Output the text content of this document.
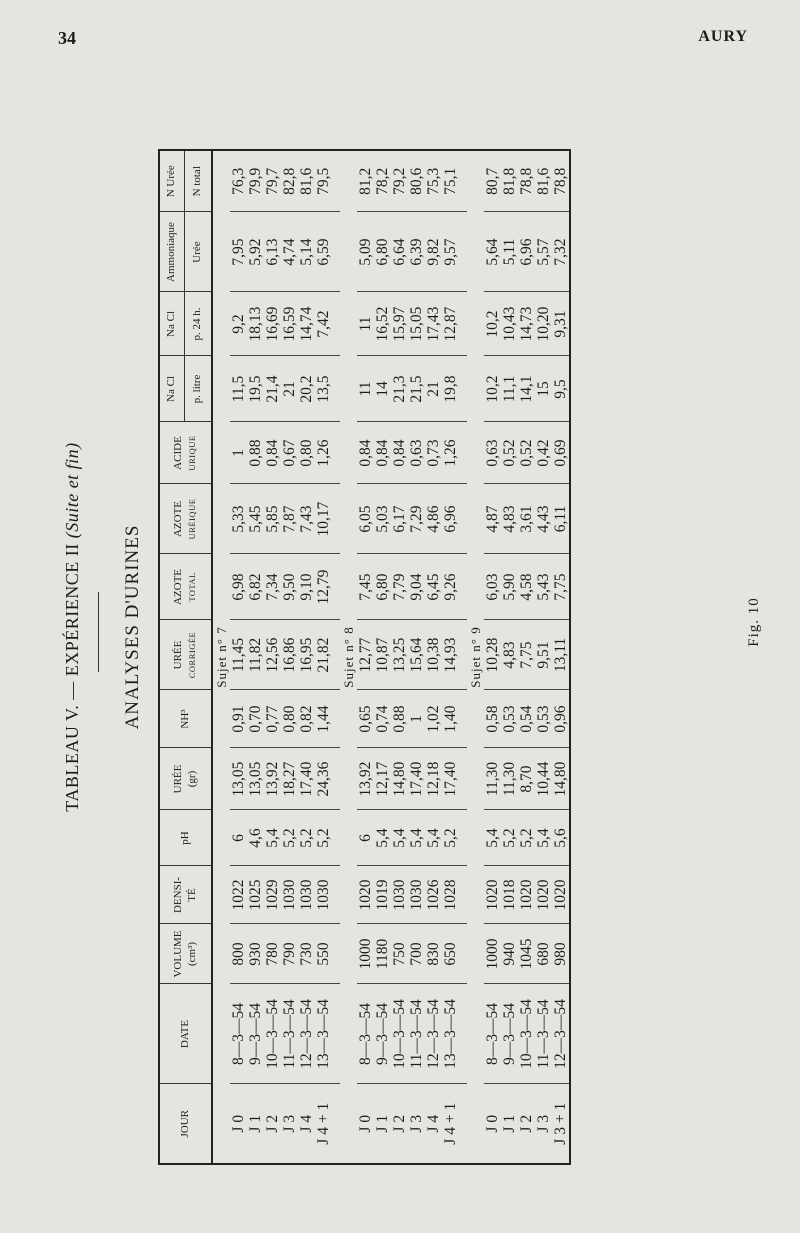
34	AURY
TABLEAU V. — EXPÉRIENCE II (Suite et fin)
ANALYSES D'URINES
JOUR	DATE	VOLUME (cm³)	DENSI- TÉ	pH	URÉE (gr)	NH³	URÉE CORRIGÉE	AZOTE TOTAL	AZOTE URÉIQUE	ACIDE URIQUE	Na Cl	Na Cl	Ammoniaque	N Urée
											p. litre	p. 24 h.	Urée	N total
Sujet n° 7														
J 0	8—3—54	800	1022	6	13,05	0,91	11,45	6,98	5,33	1	11,5	9,2	7,95	76,3
J 1	9—3—54	930	1025	4,6	13,05	0,70	11,82	6,82	5,45	0,88	19,5	18,13	5,92	79,9
J 2	10—3—54	780	1029	5,4	13,92	0,77	12,56	7,34	5,85	0,84	21,4	16,69	6,13	79,7
J 3	11—3—54	790	1030	5,2	18,27	0,80	16,86	9,50	7,87	0,67	21	16,59	4,74	82,8
J 4	12—3—54	730	1030	5,2	17,40	0,82	16,95	9,10	7,43	0,80	20,2	14,74	5,14	81,6
J 4 + 1	13—3—54	550	1030	5,2	24,36	1,44	21,82	12,79	10,17	1,26	13,5	7,42	6,59	79,5

Sujet n° 8														
J 0	8—3—54	1000	1020	6	13,92	0,65	12,77	7,45	6,05	0,84	11	11	5,09	81,2
J 1	9—3—54	1180	1019	5,4	12,17	0,74	10,87	6,80	5,03	0,84	14	16,52	6,80	78,2
J 2	10—3—54	750	1030	5,4	14,80	0,88	13,25	7,79	6,17	0,84	21,3	15,97	6,64	79,2
J 3	11—3—54	700	1030	5,4	17,40	1	15,64	9,04	7,29	0,63	21,5	15,05	6,39	80,6
J 4	12—3—54	830	1026	5,4	12,18	1,02	10,38	6,45	4,86	0,73	21	17,43	9,82	75,3
J 4 + 1	13—3—54	650	1028	5,2	17,40	1,40	14,93	9,26	6,96	1,26	19,8	12,87	9,57	75,1

Sujet n° 9														
J 0	8—3—54	1000	1020	5,4	11,30	0,58	10,28	6,03	4,87	0,63	10,2	10,2	5,64	80,7
J 1	9—3—54	940	1018	5,2	11,30	0,53	4,83	5,90	4,83	0,52	11,1	10,43	5,11	81,8
J 2	10—3—54	1045	1020	5,2	8,70	0,54	7,75	4,58	3,61	0,52	14,1	14,73	6,96	78,8
J 3	11—3—54	680	1020	5,4	10,44	0,53	9,51	5,43	4,43	0,42	15	10,20	5,57	81,6
J 3 + 1	12—3—54	980	1020	5,6	14,80	0,96	13,11	7,75	6,11	0,69	9,5	9,31	7,32	78,8
Fig. 10
